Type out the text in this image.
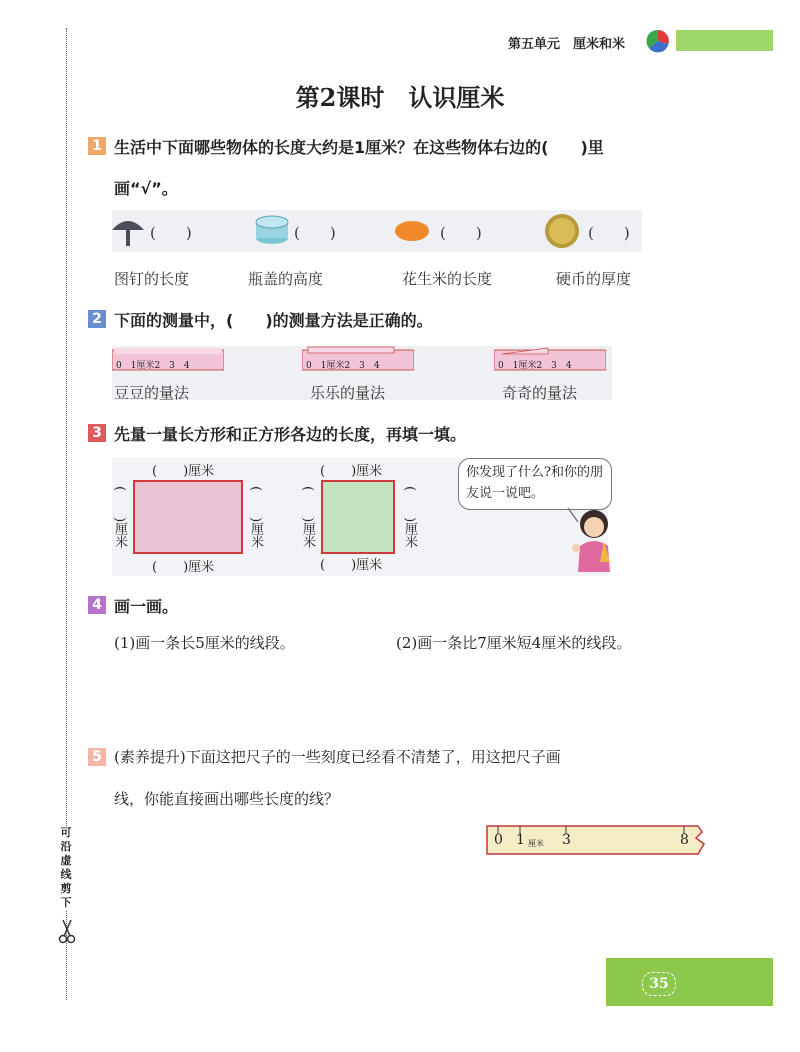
可沿虚线剪下
第五单元　厘米和米
第2课时　认识厘米
1 生活中下面哪些物体的长度大约是1厘米？在这些物体右边的(　　)里
画“√”。
(　　)	(　　)	(　　)	(　　)
图钉的长度	瓶盖的高度	花生米的长度	硬币的厚度
2 下面的测量中，(　　)的测量方法是正确的。
0　1厘米2　3　4
豆豆的量法
0　1厘米2　3　4
乐乐的量法
0　1厘米2　3　4
奇奇的量法
3 先量一量长方形和正方形各边的长度，再填一填。
(　　)厘米
(　　)厘米	(　　)厘米
(　　)厘米
(　　)厘米
(　　)厘米	(　　)厘米
(　　)厘米
你发现了什么?和你的朋友说一说吧。
4 画一画。
(1)画一条长5厘米的线段。	(2)画一条比7厘米短4厘米的线段。
5 (素养提升)下面这把尺子的一些刻度已经看不清楚了，用这把尺子画
线，你能直接画出哪些长度的线？
0 1 厘米 3	8
35
